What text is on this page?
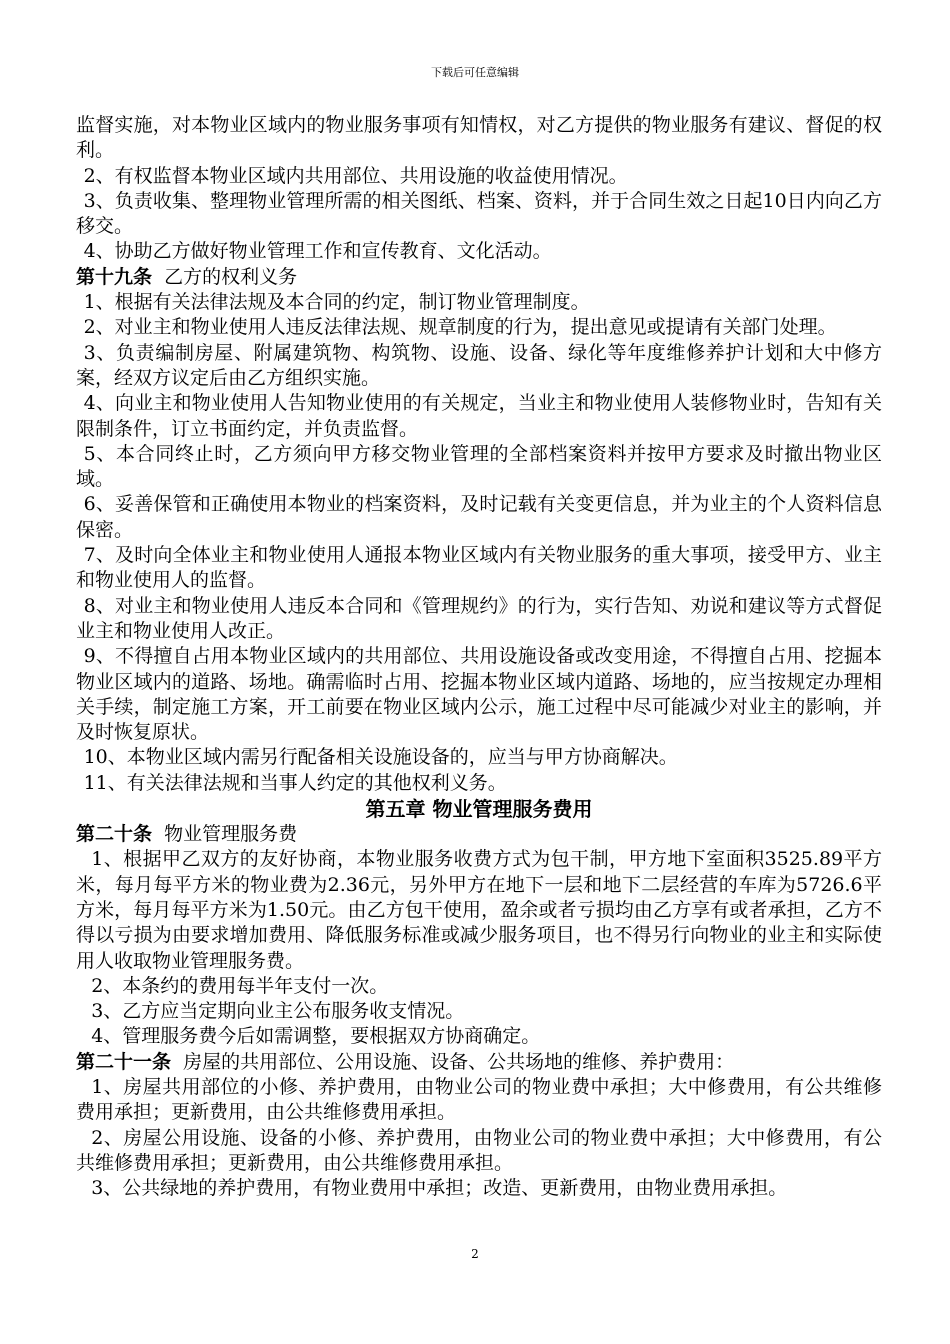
下载后可任意编辑

监督实施，对本物业区域内的物业服务事项有知情权，对乙方提供的物业服务有建议、督促的权利。

2、有权监督本物业区域内共用部位、共用设施的收益使用情况。

3、负责收集、整理物业管理所需的相关图纸、档案、资料，并于合同生效之日起10日内向乙方移交。

4、协助乙方做好物业管理工作和宣传教育、文化活动。

第十九条  乙方的权利义务

1、根据有关法律法规及本合同的约定，制订物业管理制度。

2、对业主和物业使用人违反法律法规、规章制度的行为，提出意见或提请有关部门处理。

3、负责编制房屋、附属建筑物、构筑物、设施、设备、绿化等年度维修养护计划和大中修方案，经双方议定后由乙方组织实施。

4、向业主和物业使用人告知物业使用的有关规定，当业主和物业使用人装修物业时，告知有关限制条件，订立书面约定，并负责监督。

5、本合同终止时，乙方须向甲方移交物业管理的全部档案资料并按甲方要求及时撤出物业区域。

6、妥善保管和正确使用本物业的档案资料，及时记载有关变更信息，并为业主的个人资料信息保密。

7、及时向全体业主和物业使用人通报本物业区域内有关物业服务的重大事项，接受甲方、业主和物业使用人的监督。

8、对业主和物业使用人违反本合同和《管理规约》的行为，实行告知、劝说和建议等方式督促业主和物业使用人改正。

9、不得擅自占用本物业区域内的共用部位、共用设施设备或改变用途，不得擅自占用、挖掘本物业区域内的道路、场地。确需临时占用、挖掘本物业区域内道路、场地的，应当按规定办理相关手续，制定施工方案，开工前要在物业区域内公示，施工过程中尽可能减少对业主的影响，并及时恢复原状。

10、本物业区域内需另行配备相关设施设备的，应当与甲方协商解决。

11、有关法律法规和当事人约定的其他权利义务。

第五章 物业管理服务费用

第二十条  物业管理服务费

1、根据甲乙双方的友好协商，本物业服务收费方式为包干制，甲方地下室面积3525.89平方米，每月每平方米的物业费为2.36元，另外甲方在地下一层和地下二层经营的车库为5726.6平方米，每月每平方米为1.50元。由乙方包干使用，盈余或者亏损均由乙方享有或者承担，乙方不得以亏损为由要求增加费用、降低服务标准或减少服务项目，也不得另行向物业的业主和实际使用人收取物业管理服务费。

2、本条约的费用每半年支付一次。

3、乙方应当定期向业主公布服务收支情况。

4、管理服务费今后如需调整，要根据双方协商确定。

第二十一条  房屋的共用部位、公用设施、设备、公共场地的维修、养护费用：

1、房屋共用部位的小修、养护费用，由物业公司的物业费中承担；大中修费用，有公共维修费用承担；更新费用，由公共维修费用承担。

2、房屋公用设施、设备的小修、养护费用，由物业公司的物业费中承担；大中修费用，有公共维修费用承担；更新费用，由公共维修费用承担。

3、公共绿地的养护费用，有物业费用中承担；改造、更新费用，由物业费用承担。

2
